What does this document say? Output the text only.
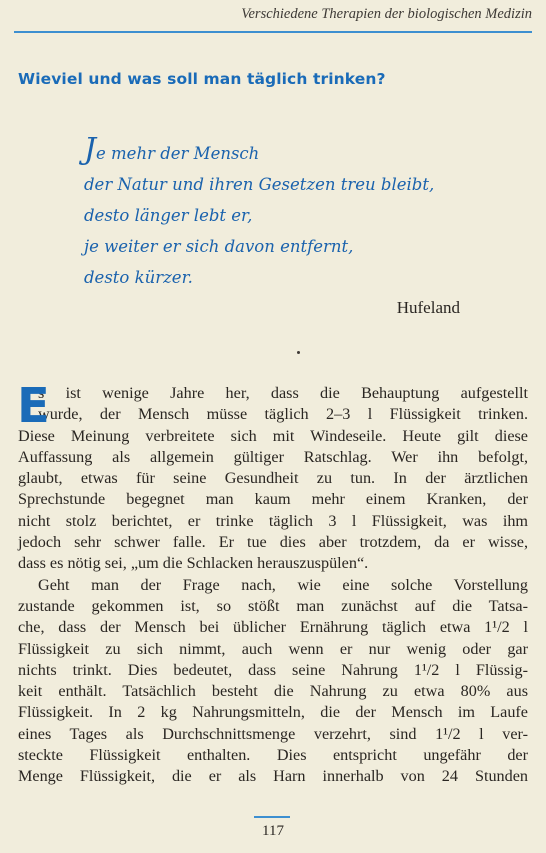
Verschiedene Therapien der biologischen Medizin
Wieviel und was soll man täglich trinken?
Je mehr der Mensch
der Natur und ihren Gesetzen treu bleibt,
desto länger lebt er,
je weiter er sich davon entfernt,
desto kürzer.
Hufeland
E
s ist wenige Jahre her, dass die Behauptung aufgestellt
wurde, der Mensch müsse täglich 2–3 l Flüssigkeit trinken.
Diese Meinung verbreitete sich mit Windeseile. Heute gilt diese
Auffassung als allgemein gültiger Ratschlag. Wer ihn befolgt,
glaubt, etwas für seine Gesundheit zu tun. In der ärztlichen
Sprechstunde begegnet man kaum mehr einem Kranken, der
nicht stolz berichtet, er trinke täglich 3 l Flüssigkeit, was ihm
jedoch sehr schwer falle. Er tue dies aber trotzdem, da er wisse,
dass es nötig sei, „um die Schlacken herauszuspülen“.
Geht man der Frage nach, wie eine solche Vorstellung
zustande gekommen ist, so stößt man zunächst auf die Tatsa-
che, dass der Mensch bei üblicher Ernährung täglich etwa 1¹/2 l
Flüssigkeit zu sich nimmt, auch wenn er nur wenig oder gar
nichts trinkt. Dies bedeutet, dass seine Nahrung 1¹/2 l Flüssig-
keit enthält. Tatsächlich besteht die Nahrung zu etwa 80% aus
Flüssigkeit. In 2 kg Nahrungsmitteln, die der Mensch im Laufe
eines Tages als Durchschnittsmenge verzehrt, sind 1¹/2 l ver-
steckte Flüssigkeit enthalten. Dies entspricht ungefähr der
Menge Flüssigkeit, die er als Harn innerhalb von 24 Stunden
117
